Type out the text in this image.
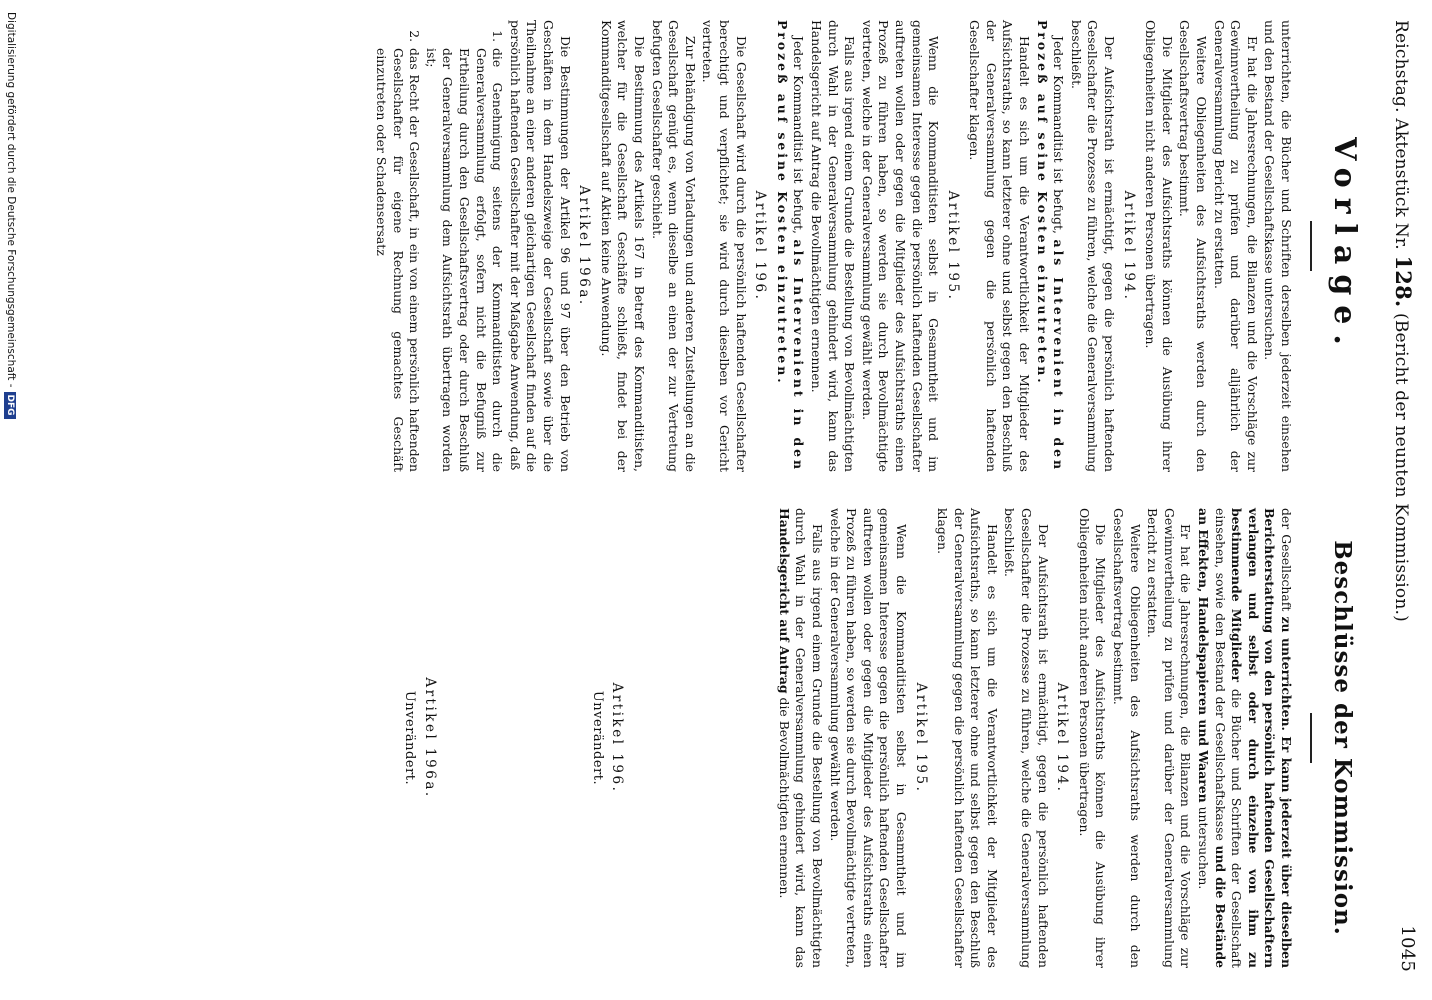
Reichstag. Aktenstück Nr. 128. (Bericht der neunten Kommission.)
1045
Vorlage.

unterrichten, die Bücher und Schriften derselben jederzeit einsehen und den Bestand der Gesellschaftskasse untersuchen.

Er hat die Jahresrechnungen, die Bilanzen und die Vorschläge zur Gewinnvertheilung zu prüfen und darüber alljährlich der Generalversammlung Bericht zu erstatten.

Weitere Obliegenheiten des Aufsichtsraths werden durch den Gesellschaftsvertrag bestimmt.

Die Mitglieder des Aufsichtsraths können die Ausübung ihrer Obliegenheiten nicht anderen Personen übertragen.

Artikel 194.

Der Aufsichtsrath ist ermächtigt, gegen die persönlich haftenden Gesellschafter die Prozesse zu führen, welche die Generalversammlung beschließt.

Jeder Kommanditist ist befugt, als Intervenient in den Prozeß auf seine Kosten einzutreten.

Handelt es sich um die Verantwortlichkeit der Mitglieder des Aufsichtsraths, so kann letzterer ohne und selbst gegen den Beschluß der Generalversammlung gegen die persönlich haftenden Gesellschafter klagen.

Artikel 195.

Wenn die Kommanditisten selbst in Gesammtheit und im gemeinsamen Interesse gegen die persönlich haftenden Gesellschafter auftreten wollen oder gegen die Mitglieder des Aufsichtsraths einen Prozeß zu führen haben, so werden sie durch Bevollmächtigte vertreten, welche in der Generalversammlung gewählt werden.

Falls aus irgend einem Grunde die Bestellung von Bevollmächtigten durch Wahl in der Generalversammlung gehindert wird, kann das Handelsgericht auf Antrag die Bevollmächtigten ernennen.

Jeder Kommanditist ist befugt, als Intervenient in den Prozeß auf seine Kosten einzutreten.

Artikel 196.

Die Gesellschaft wird durch die persönlich haftenden Gesellschafter berechtigt und verpflichtet; sie wird durch dieselben vor Gericht vertreten.

Zur Behändigung von Vorladungen und anderen Zustellungen an die Gesellschaft genügt es, wenn dieselbe an einen der zur Vertretung befugten Gesellschafter geschieht.

Die Bestimmung des Artikels 167 in Betreff des Kommanditisten, welcher für die Gesellschaft Geschäfte schließt, findet bei der Kommanditgesellschaft auf Aktien keine Anwendung.

Artikel 196a.

Die Bestimmungen der Artikel 96 und 97 über den Betrieb von Geschäften in dem Handelszweige der Gesellschaft sowie über die Theilnahme an einer anderen gleichartigen Gesellschaft finden auf die persönlich haftenden Gesellschafter mit der Maßgabe Anwendung, daß

1. die Genehmigung seitens der Kommanditisten durch die Generalversammlung erfolgt, sofern nicht die Befugniß zur Ertheilung durch den Gesellschaftsvertrag oder durch Beschluß der Generalversammlung dem Aufsichtsrath übertragen worden ist;
2. das Recht der Gesellschaft, in ein von einem persönlich haftenden Gesellschafter für eigene Rechnung gemachtes Geschäft einzutreten oder Schadensersatz
Beschlüsse der Kommission.

der Gesellschaft zu unterrichten. Er kann jederzeit über dieselben Berichterstattung von den persönlich haftenden Gesellschaftern verlangen und selbst oder durch einzelne von ihm zu bestimmende Mitglieder die Bücher und Schriften der Gesellschaft einsehen, sowie den Bestand der Gesellschaftskasse und die Bestände an Effekten, Handelspapieren und Waaren untersuchen.

Er hat die Jahresrechnungen, die Bilanzen und die Vorschläge zur Gewinnvertheilung zu prüfen und darüber der Generalversammlung Bericht zu erstatten.

Weitere Obliegenheiten des Aufsichtsraths werden durch den Gesellschaftsvertrag bestimmt.

Die Mitglieder des Aufsichtsraths können die Ausübung ihrer Obliegenheiten nicht anderen Personen übertragen.

Artikel 194.

Der Aufsichtsrath ist ermächtigt, gegen die persönlich haftenden Gesellschafter die Prozesse zu führen, welche die Generalversammlung beschließt.

Handelt es sich um die Verantwortlichkeit der Mitglieder des Aufsichtsraths, so kann letzterer ohne und selbst gegen den Beschluß der Generalversammlung gegen die persönlich haftenden Gesellschafter klagen.

Artikel 195.

Wenn die Kommanditisten selbst in Gesammtheit und im gemeinsamen Interesse gegen die persönlich haftenden Gesellschafter auftreten wollen oder gegen die Mitglieder des Aufsichtsraths einen Prozeß zu führen haben, so werden sie durch Bevollmächtigte vertreten, welche in der Generalversammlung gewählt werden.

Falls aus irgend einem Grunde die Bestellung von Bevollmächtigten durch Wahl in der Generalversammlung gehindert wird, kann das Handelsgericht auf Antrag die Bevollmächtigten ernennen.

Artikel 196.

Unverändert.

Artikel 196a.

Unverändert.

Digitalisierung gefördert durch die Deutsche Forschungsgemeinschaft -DFG
